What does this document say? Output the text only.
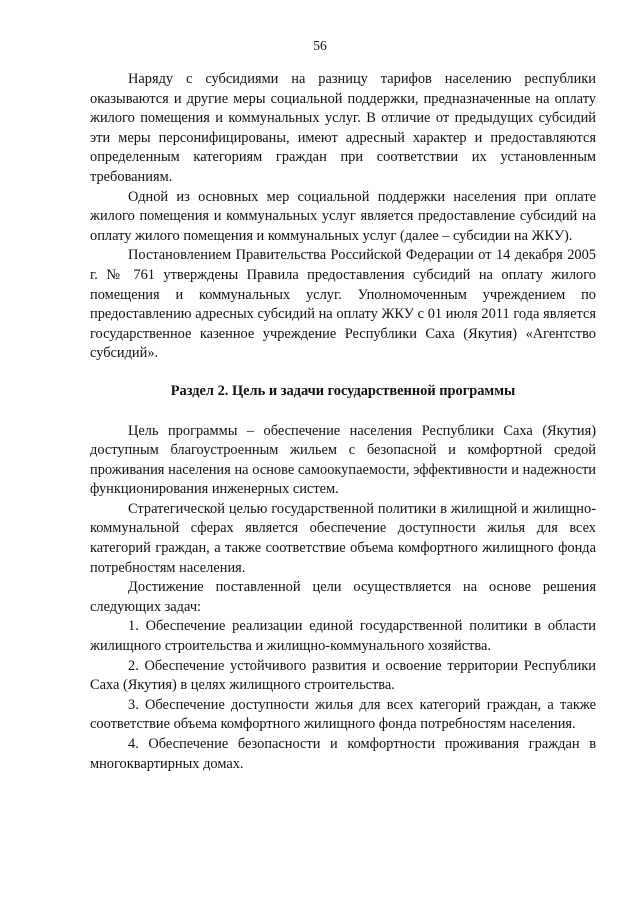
56

Наряду с субсидиями на разницу тарифов населению республики оказываются и другие меры социальной поддержки, предназначенные на оплату жилого помещения и коммунальных услуг. В отличие от предыдущих субсидий эти меры персонифицированы, имеют адресный характер и предоставляются определенным категориям граждан при соответствии их установленным требованиям.

Одной из основных мер социальной поддержки населения при оплате жилого помещения и коммунальных услуг является предоставление субсидий на оплату жилого помещения и коммунальных услуг (далее – субсидии на ЖКУ).

Постановлением Правительства Российской Федерации от 14 декабря 2005 г. № 761 утверждены Правила предоставления субсидий на оплату жилого помещения и коммунальных услуг. Уполномоченным учреждением по предоставлению адресных субсидий на оплату ЖКУ с 01 июля 2011 года является государственное казенное учреждение Республики Саха (Якутия) «Агентство субсидий».

Раздел 2. Цель и задачи государственной программы

Цель программы – обеспечение населения Республики Саха (Якутия) доступным благоустроенным жильем с безопасной и комфортной средой проживания населения на основе самоокупаемости, эффективности и надежности функционирования инженерных систем.

Стратегической целью государственной политики в жилищной и жилищно-коммунальной сферах является обеспечение доступности жилья для всех категорий граждан, а также соответствие объема комфортного жилищного фонда потребностям населения.

Достижение поставленной цели осуществляется на основе решения следующих задач:

1. Обеспечение реализации единой государственной политики в области жилищного строительства и жилищно-коммунального хозяйства.

2. Обеспечение устойчивого развития и освоение территории Республики Саха (Якутия) в целях жилищного строительства.

3. Обеспечение доступности жилья для всех категорий граждан, а также соответствие объема комфортного жилищного фонда потребностям населения.

4. Обеспечение безопасности и комфортности проживания граждан в многоквартирных домах.
